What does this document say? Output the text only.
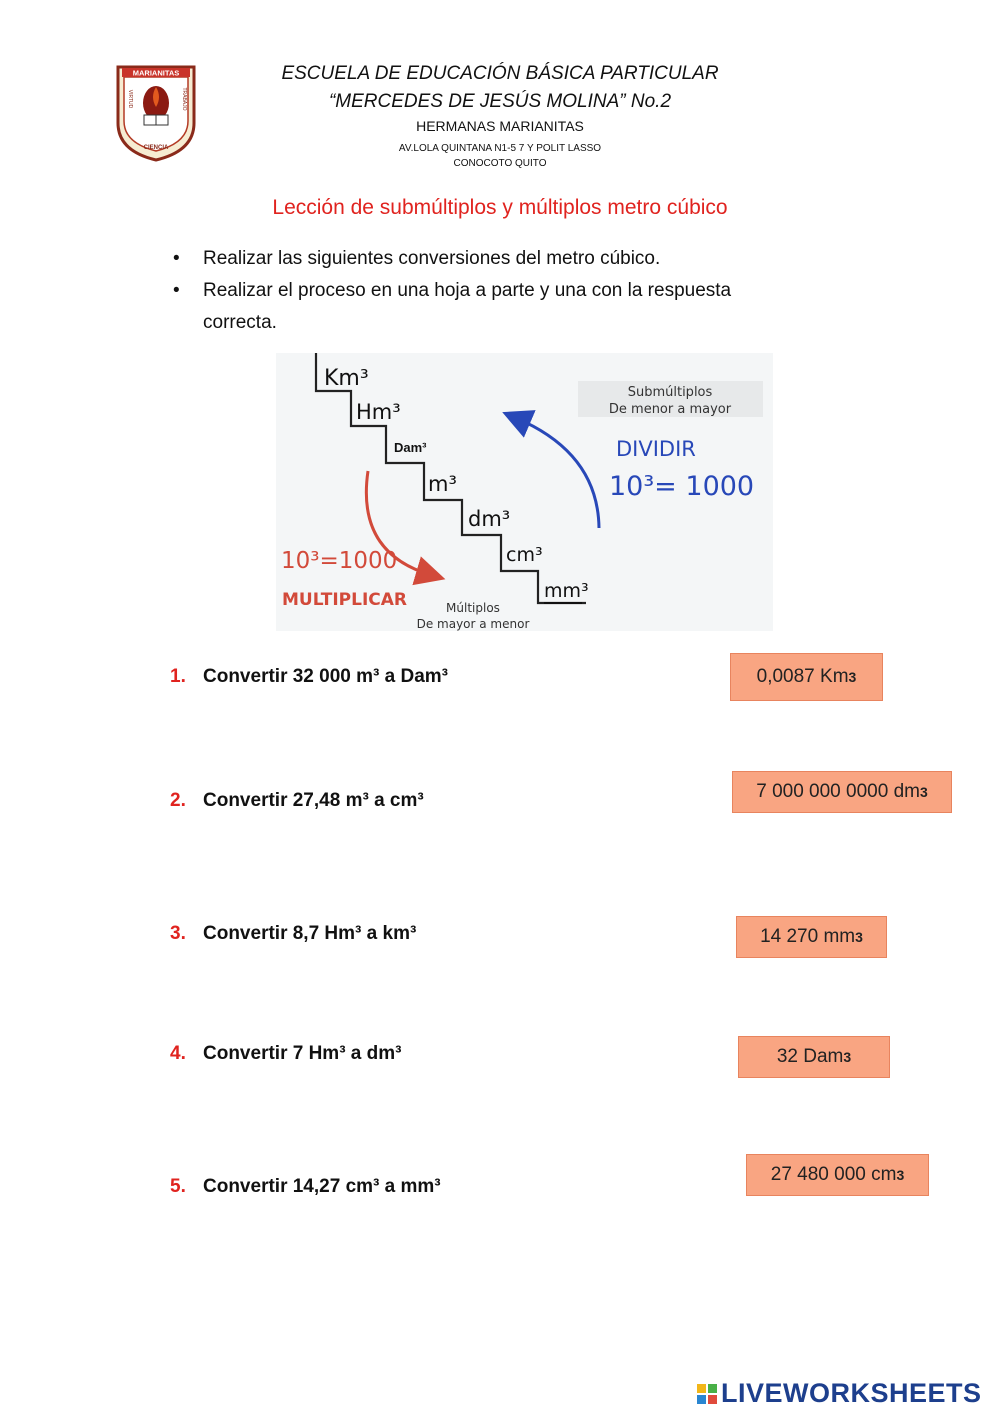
MARIANITAS
VIRTUD	TRABAJO
CIENCIA
ESCUELA DE EDUCACIÓN BÁSICA PARTICULAR
“MERCEDES DE JESÚS MOLINA” No.2
HERMANAS MARIANITAS
AV.LOLA QUINTANA N1-5 7 Y POLIT LASSO
CONOCOTO QUITO
Lección de submúltiplos y múltiplos metro cúbico
• Realizar las siguientes conversiones del metro cúbico.
• Realizar el proceso en una hoja a parte y una con la respuesta correcta.
Km³
Hm³
Dam³
m³
dm³
cm³
mm³
Submúltiplos
De menor a mayor
DIVIDIR
10³= 1000
10³=1000
MULTIPLICAR	Múltiplos
De mayor a menor
1. Convertir 32 000 m³ a Dam³
2. Convertir 27,48 m³ a cm³
3. Convertir 8,7 Hm³ a km³
4. Convertir 7 Hm³ a dm³
5. Convertir 14,27 cm³ a mm³
0,0087 Km 3
7 000 000 0000 dm 3
14 270 mm 3
32 Dam 3
27 480 000 cm 3
LIVEWORKSHEETS
